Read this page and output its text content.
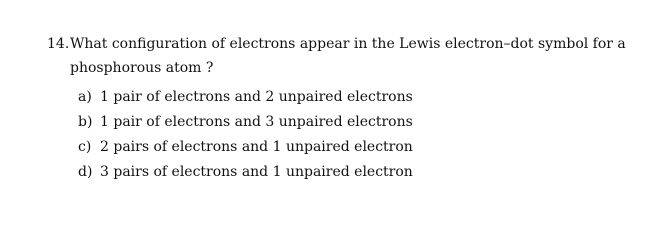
14.What configuration of electrons appear in the Lewis electron–dot symbol for a
phosphorous atom ?
a) 1 pair of electrons and 2 unpaired electrons
b) 1 pair of electrons and 3 unpaired electrons
c) 2 pairs of electrons and 1 unpaired electron
d) 3 pairs of electrons and 1 unpaired electron
